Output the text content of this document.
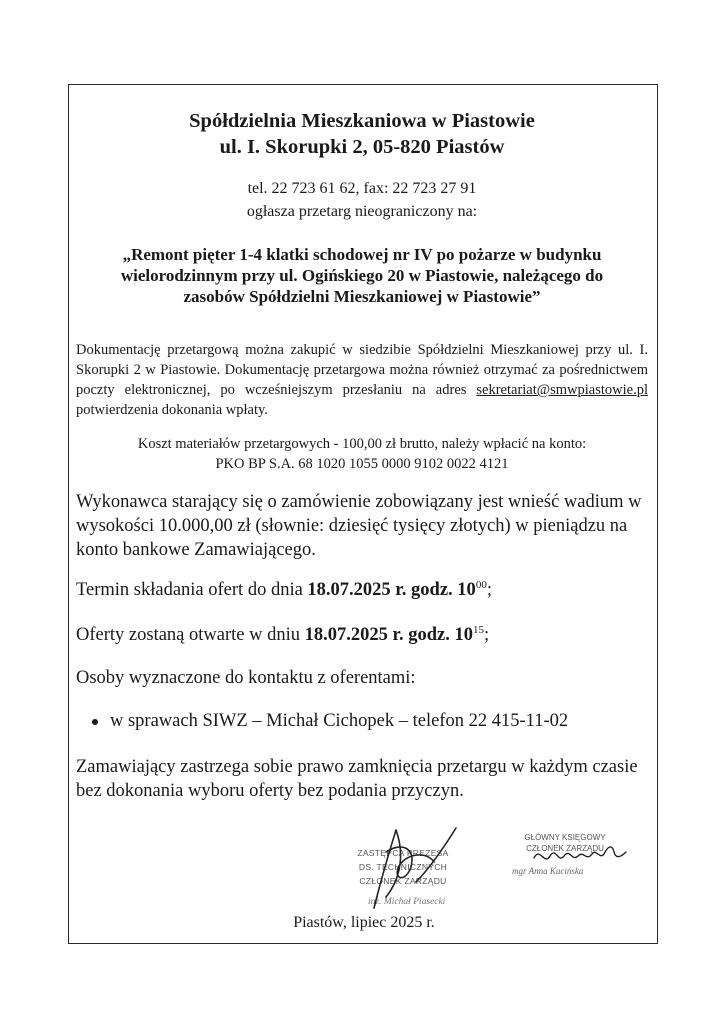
Spółdzielnia Mieszkaniowa w Piastowie
ul. I. Skorupki 2, 05-820 Piastów
tel. 22 723 61 62, fax: 22 723 27 91
ogłasza przetarg nieograniczony na:
„Remont pięter 1-4 klatki schodowej nr IV po pożarze w budynku
wielorodzinnym przy ul. Ogińskiego 20 w Piastowie, należącego do
zasobów Spółdzielni Mieszkaniowej w Piastowie”
Dokumentację przetargową można zakupić w siedzibie Spółdzielni Mieszkaniowej przy ul. I. Skorupki 2 w Piastowie. Dokumentację przetargowa można również otrzymać za pośrednictwem poczty elektronicznej, po wcześniejszym przesłaniu na adres sekretariat@smwpiastowie.pl potwierdzenia dokonania wpłaty.
Koszt materiałów przetargowych - 100,00 zł brutto, należy wpłacić na konto:
PKO BP S.A. 68 1020 1055 0000 9102 0022 4121
Wykonawca starający się o zamówienie zobowiązany jest wnieść wadium w wysokości 10.000,00 zł (słownie: dziesięć tysięcy złotych) w pieniądzu na konto bankowe Zamawiającego.
Termin składania ofert do dnia 18.07.2025 r. godz. $10^{00}$;
Oferty zostaną otwarte w dniu 18.07.2025 r. godz. $10^{15}$;
Osoby wyznaczone do kontaktu z oferentami:
w sprawach SIWZ – Michał Cichopek – telefon 22 415-11-02
Zamawiający zastrzega sobie prawo zamknięcia przetargu w każdym czasie bez dokonania wyboru oferty bez podania przyczyn.
ZASTĘPCA PREZESA
DS. TECHNICZNYCH
CZŁONEK ZARZĄDU
inż. Michał Piasecki
GŁÓWNY KSIĘGOWY
CZŁONEK ZARZĄDU
mgr Anna Kucińska
Piastów, lipiec 2025 r.
